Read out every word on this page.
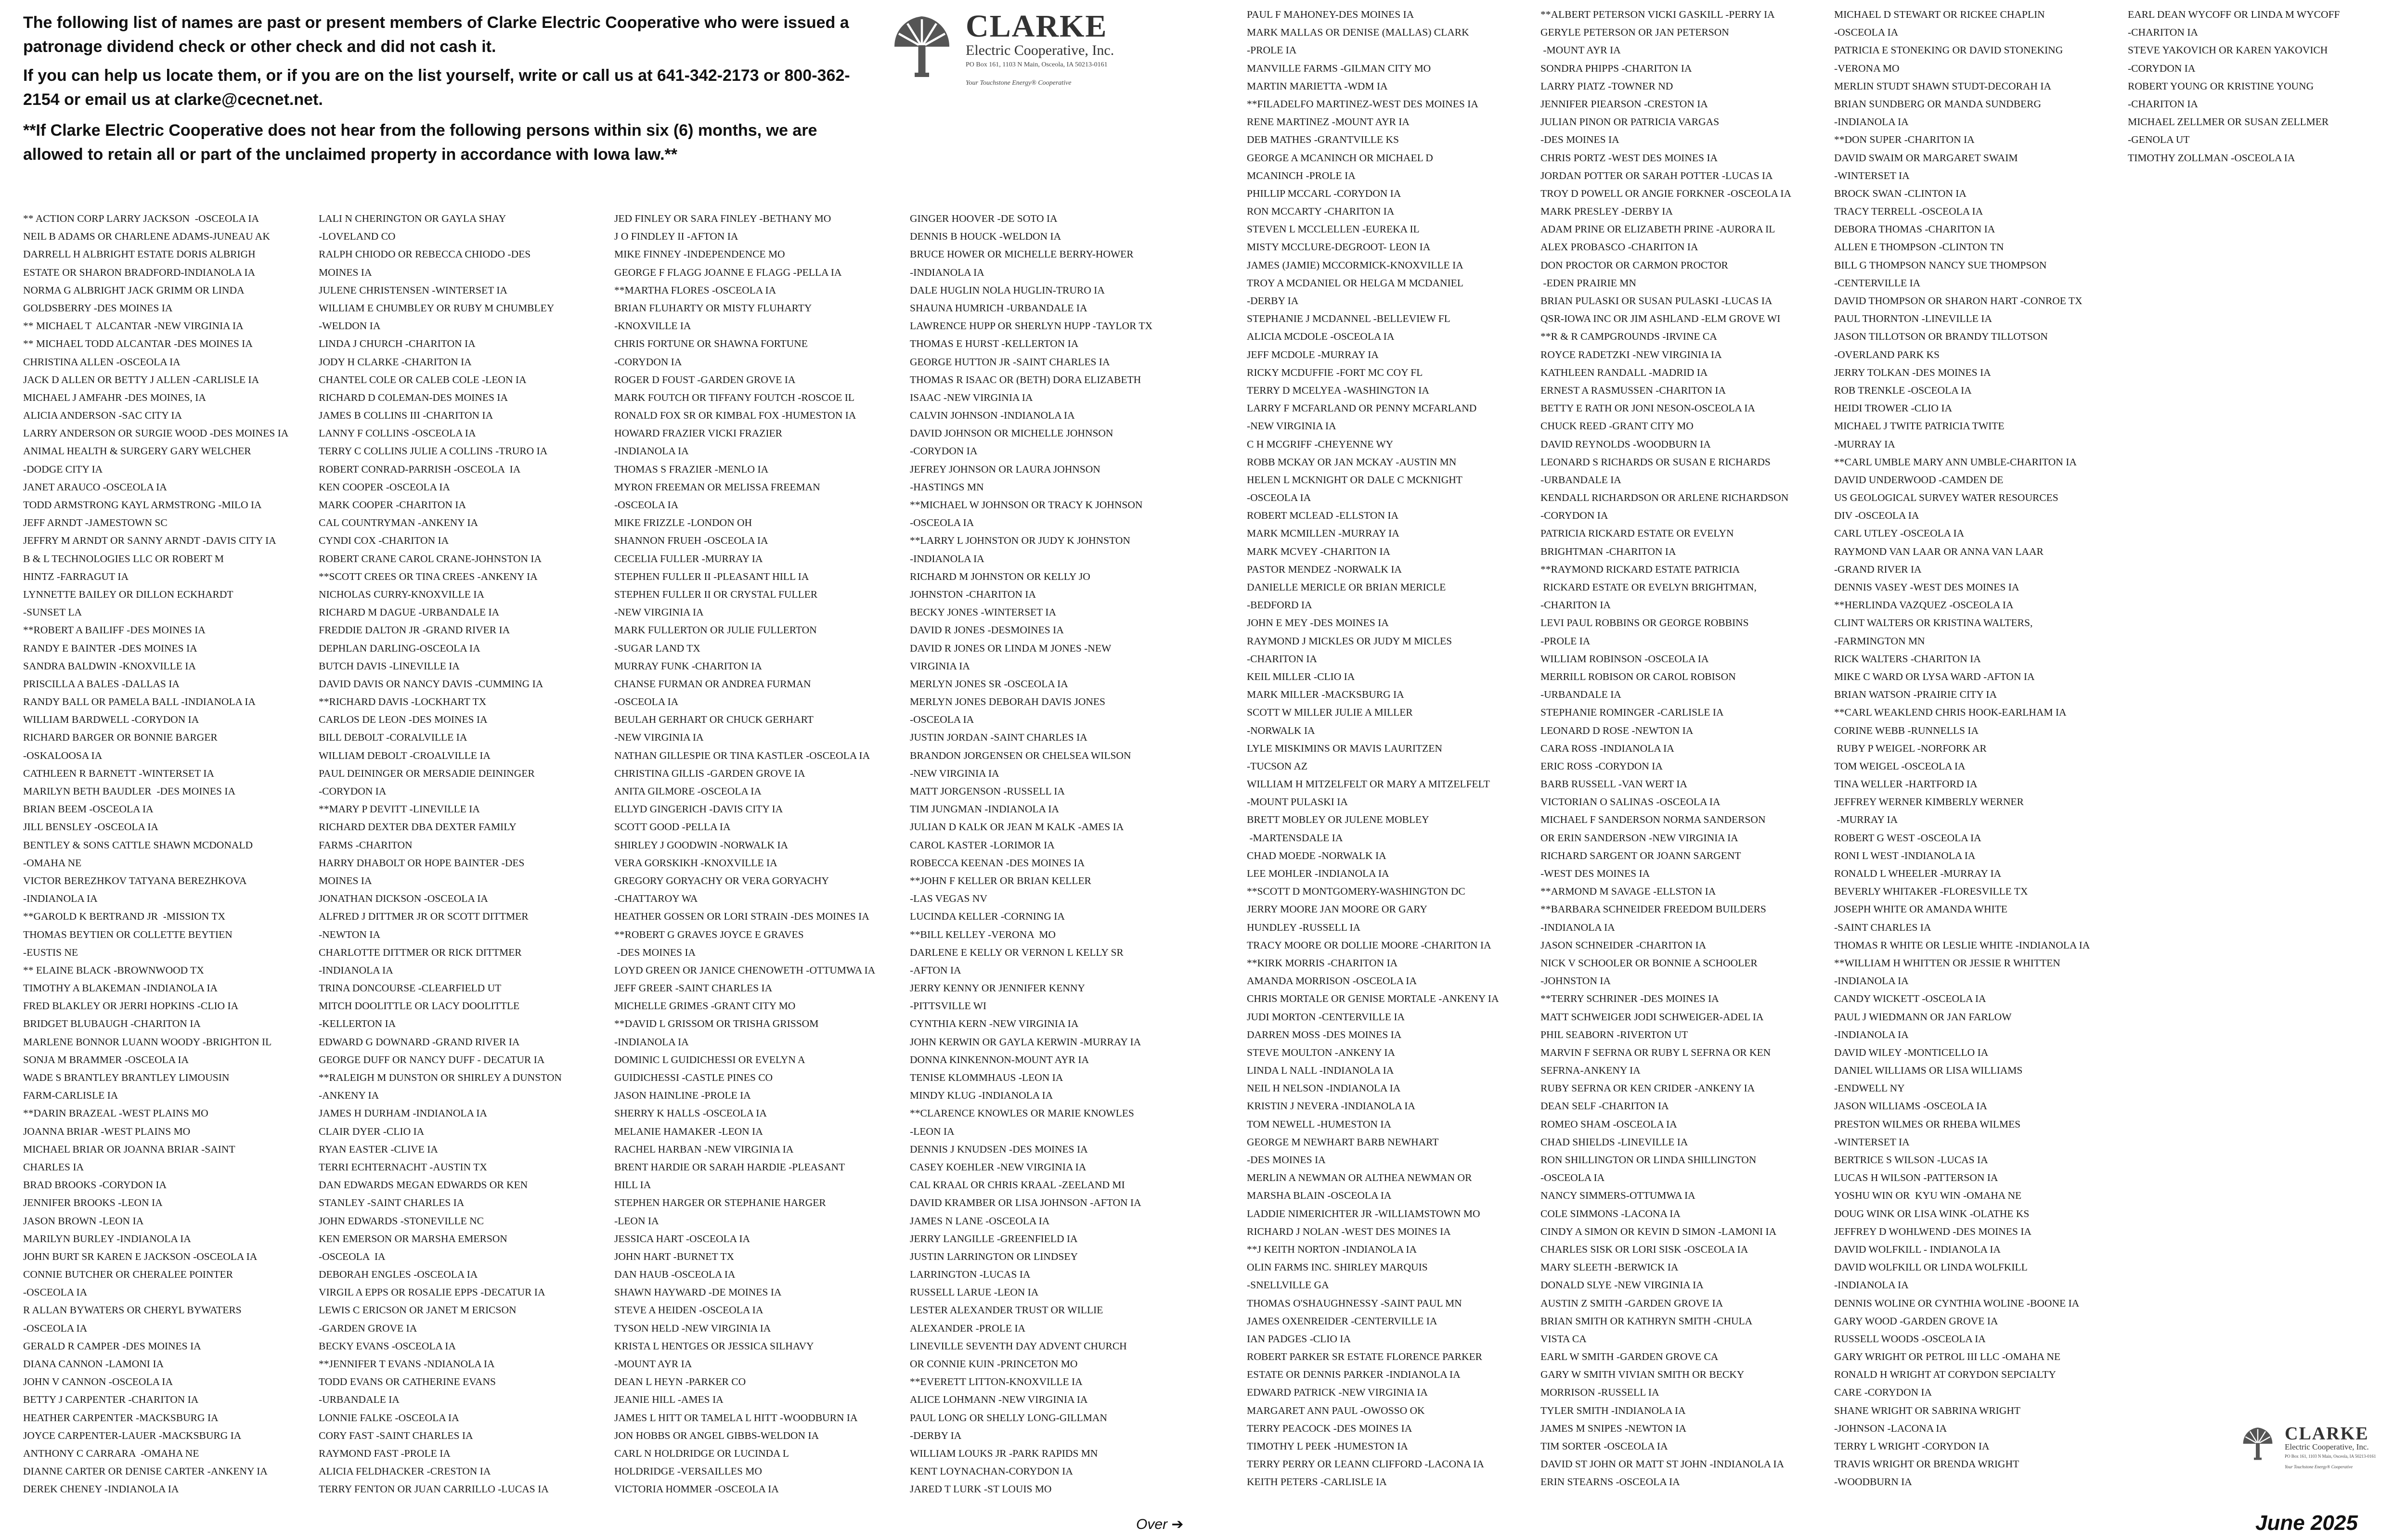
The following list of names are past or present members of Clarke Electric Cooperative who were issued a patronage dividend check or other check and did not cash it.

If you can help us locate them, or if you are on the list yourself, write or call us at 641-342-2173 or 800-362-2154 or email us at clarke@cecnet.net.

**If Clarke Electric Cooperative does not hear from the following persons within six (6) months, we are allowed to retain all or part of the unclaimed property in accordance with Iowa law.**

CLARKE
Electric Cooperative, Inc.
PO Box 161, 1103 N Main, Osceola, IA 50213-0161
Your Touchstone Energy® Cooperative
** ACTION CORP LARRY JACKSON  -OSCEOLA IA
NEIL B ADAMS OR CHARLENE ADAMS-JUNEAU AK
DARRELL H ALBRIGHT ESTATE DORIS ALBRIGH
ESTATE OR SHARON BRADFORD-INDIANOLA IA
NORMA G ALBRIGHT JACK GRIMM OR LINDA
GOLDSBERRY -DES MOINES IA
** MICHAEL T  ALCANTAR -NEW VIRGINIA IA
** MICHAEL TODD ALCANTAR -DES MOINES IA
CHRISTINA ALLEN -OSCEOLA IA
JACK D ALLEN OR BETTY J ALLEN -CARLISLE IA
MICHAEL J AMFAHR -DES MOINES, IA
ALICIA ANDERSON -SAC CITY IA
LARRY ANDERSON OR SURGIE WOOD -DES MOINES IA
ANIMAL HEALTH & SURGERY GARY WELCHER
-DODGE CITY IA
JANET ARAUCO -OSCEOLA IA
TODD ARMSTRONG KAYL ARMSTRONG -MILO IA
JEFF ARNDT -JAMESTOWN SC
JEFFRY M ARNDT OR SANNY ARNDT -DAVIS CITY IA
B & L TECHNOLOGIES LLC OR ROBERT M
HINTZ -FARRAGUT IA
LYNNETTE BAILEY OR DILLON ECKHARDT
-SUNSET LA
**ROBERT A BAILIFF -DES MOINES IA
RANDY E BAINTER -DES MOINES IA
SANDRA BALDWIN -KNOXVILLE IA
PRISCILLA A BALES -DALLAS IA
RANDY BALL OR PAMELA BALL -INDIANOLA IA
WILLIAM BARDWELL -CORYDON IA
RICHARD BARGER OR BONNIE BARGER
-OSKALOOSA IA
CATHLEEN R BARNETT -WINTERSET IA
MARILYN BETH BAUDLER  -DES MOINES IA
BRIAN BEEM -OSCEOLA IA
JILL BENSLEY -OSCEOLA IA
BENTLEY & SONS CATTLE SHAWN MCDONALD
-OMAHA NE
VICTOR BEREZHKOV TATYANA BEREZHKOVA
-INDIANOLA IA
**GAROLD K BERTRAND JR  -MISSION TX
THOMAS BEYTIEN OR COLLETTE BEYTIEN
-EUSTIS NE
** ELAINE BLACK -BROWNWOOD TX
TIMOTHY A BLAKEMAN -INDIANOLA IA
FRED BLAKLEY OR JERRI HOPKINS -CLIO IA
BRIDGET BLUBAUGH -CHARITON IA
MARLENE BONNOR LUANN WOODY -BRIGHTON IL
SONJA M BRAMMER -OSCEOLA IA
WADE S BRANTLEY BRANTLEY LIMOUSIN
FARM-CARLISLE IA
**DARIN BRAZEAL -WEST PLAINS MO
JOANNA BRIAR -WEST PLAINS MO
MICHAEL BRIAR OR JOANNA BRIAR -SAINT
CHARLES IA
BRAD BROOKS -CORYDON IA
JENNIFER BROOKS -LEON IA
JASON BROWN -LEON IA
MARILYN BURLEY -INDIANOLA IA
JOHN BURT SR KAREN E JACKSON -OSCEOLA IA
CONNIE BUTCHER OR CHERALEE POINTER
-OSCEOLA IA
R ALLAN BYWATERS OR CHERYL BYWATERS
-OSCEOLA IA
GERALD R CAMPER -DES MOINES IA
DIANA CANNON -LAMONI IA
JOHN V CANNON -OSCEOLA IA
BETTY J CARPENTER -CHARITON IA
HEATHER CARPENTER -MACKSBURG IA
JOYCE CARPENTER-LAUER -MACKSBURG IA
ANTHONY C CARRARA  -OMAHA NE
DIANNE CARTER OR DENISE CARTER -ANKENY IA
DEREK CHENEY -INDIANOLA IA
LALI N CHERINGTON OR GAYLA SHAY
-LOVELAND CO
RALPH CHIODO OR REBECCA CHIODO -DES
MOINES IA
JULENE CHRISTENSEN -WINTERSET IA
WILLIAM E CHUMBLEY OR RUBY M CHUMBLEY
-WELDON IA
LINDA J CHURCH -CHARITON IA
JODY H CLARKE -CHARITON IA
CHANTEL COLE OR CALEB COLE -LEON IA
RICHARD D COLEMAN-DES MOINES IA
JAMES B COLLINS III -CHARITON IA
LANNY F COLLINS -OSCEOLA IA
TERRY C COLLINS JULIE A COLLINS -TRURO IA
ROBERT CONRAD-PARRISH -OSCEOLA  IA
KEN COOPER -OSCEOLA IA
MARK COOPER -CHARITON IA
CAL COUNTRYMAN -ANKENY IA
CYNDI COX -CHARITON IA
ROBERT CRANE CAROL CRANE-JOHNSTON IA
**SCOTT CREES OR TINA CREES -ANKENY IA
NICHOLAS CURRY-KNOXVILLE IA
RICHARD M DAGUE -URBANDALE IA
FREDDIE DALTON JR -GRAND RIVER IA
DEPHLAN DARLING-OSCEOLA IA
BUTCH DAVIS -LINEVILLE IA
DAVID DAVIS OR NANCY DAVIS -CUMMING IA
**RICHARD DAVIS -LOCKHART TX
CARLOS DE LEON -DES MOINES IA
BILL DEBOLT -CORALVILLE IA
WILLIAM DEBOLT -CROALVILLE IA
PAUL DEININGER OR MERSADIE DEININGER
-CORYDON IA
**MARY P DEVITT -LINEVILLE IA
RICHARD DEXTER DBA DEXTER FAMILY
FARMS -CHARITON
HARRY DHABOLT OR HOPE BAINTER -DES
MOINES IA
JONATHAN DICKSON -OSCEOLA IA
ALFRED J DITTMER JR OR SCOTT DITTMER
-NEWTON IA
CHARLOTTE DITTMER OR RICK DITTMER
-INDIANOLA IA
TRINA DONCOURSE -CLEARFIELD UT
MITCH DOOLITTLE OR LACY DOOLITTLE
-KELLERTON IA
EDWARD G DOWNARD -GRAND RIVER IA
GEORGE DUFF OR NANCY DUFF - DECATUR IA
**RALEIGH M DUNSTON OR SHIRLEY A DUNSTON
-ANKENY IA
JAMES H DURHAM -INDIANOLA IA
CLAIR DYER -CLIO IA
RYAN EASTER -CLIVE IA
TERRI ECHTERNACHT -AUSTIN TX
DAN EDWARDS MEGAN EDWARDS OR KEN
STANLEY -SAINT CHARLES IA
JOHN EDWARDS -STONEVILLE NC
KEN EMERSON OR MARSHA EMERSON
-OSCEOLA  IA
DEBORAH ENGLES -OSCEOLA IA
VIRGIL A EPPS OR ROSALIE EPPS -DECATUR IA
LEWIS C ERICSON OR JANET M ERICSON
-GARDEN GROVE IA
BECKY EVANS -OSCEOLA IA
**JENNIFER T EVANS -NDIANOLA IA
TODD EVANS OR CATHERINE EVANS
-URBANDALE IA
LONNIE FALKE -OSCEOLA IA
CORY FAST -SAINT CHARLES IA
RAYMOND FAST -PROLE IA
ALICIA FELDHACKER -CRESTON IA
TERRY FENTON OR JUAN CARRILLO -LUCAS IA
JED FINLEY OR SARA FINLEY -BETHANY MO
J O FINDLEY II -AFTON IA
MIKE FINNEY -INDEPENDENCE MO
GEORGE F FLAGG JOANNE E FLAGG -PELLA IA
**MARTHA FLORES -OSCEOLA IA
BRIAN FLUHARTY OR MISTY FLUHARTY
-KNOXVILLE IA
CHRIS FORTUNE OR SHAWNA FORTUNE
-CORYDON IA
ROGER D FOUST -GARDEN GROVE IA
MARK FOUTCH OR TIFFANY FOUTCH -ROSCOE IL
RONALD FOX SR OR KIMBAL FOX -HUMESTON IA
HOWARD FRAZIER VICKI FRAZIER
-INDIANOLA IA
THOMAS S FRAZIER -MENLO IA
MYRON FREEMAN OR MELISSA FREEMAN
-OSCEOLA IA
MIKE FRIZZLE -LONDON OH
SHANNON FRUEH -OSCEOLA IA
CECELIA FULLER -MURRAY IA
STEPHEN FULLER II -PLEASANT HILL IA
STEPHEN FULLER II OR CRYSTAL FULLER
-NEW VIRGINIA IA
MARK FULLERTON OR JULIE FULLERTON
-SUGAR LAND TX
MURRAY FUNK -CHARITON IA
CHANSE FURMAN OR ANDREA FURMAN
-OSCEOLA IA
BEULAH GERHART OR CHUCK GERHART
-NEW VIRGINIA IA
NATHAN GILLESPIE OR TINA KASTLER -OSCEOLA IA
CHRISTINA GILLIS -GARDEN GROVE IA
ANITA GILMORE -OSCEOLA IA
ELLYD GINGERICH -DAVIS CITY IA
SCOTT GOOD -PELLA IA
SHIRLEY J GOODWIN -NORWALK IA
VERA GORSKIKH -KNOXVILLE IA
GREGORY GORYACHY OR VERA GORYACHY
-CHATTAROY WA
HEATHER GOSSEN OR LORI STRAIN -DES MOINES IA
**ROBERT G GRAVES JOYCE E GRAVES
-DES MOINES IA
LOYD GREEN OR JANICE CHENOWETH -OTTUMWA IA
JEFF GREER -SAINT CHARLES IA
MICHELLE GRIMES -GRANT CITY MO
**DAVID L GRISSOM OR TRISHA GRISSOM
-INDIANOLA IA
DOMINIC L GUIDICHESSI OR EVELYN A
GUIDICHESSI -CASTLE PINES CO
JASON HAINLINE -PROLE IA
SHERRY K HALLS -OSCEOLA IA
MELANIE HAMAKER -LEON IA
RACHEL HARBAN -NEW VIRGINIA IA
BRENT HARDIE OR SARAH HARDIE -PLEASANT
HILL IA
STEPHEN HARGER OR STEPHANIE HARGER
-LEON IA
JESSICA HART -OSCEOLA IA
JOHN HART -BURNET TX
DAN HAUB -OSCEOLA IA
SHAWN HAYWARD -DE MOINES IA
STEVE A HEIDEN -OSCEOLA IA
TYSON HELD -NEW VIRGINIA IA
KRISTA L HENTGES OR JESSICA SILHAVY
-MOUNT AYR IA
DEAN L HEYN -PARKER CO
JEANIE HILL -AMES IA
JAMES L HITT OR TAMELA L HITT -WOODBURN IA
JON HOBBS OR ANGEL GIBBS-WELDON IA
CARL N HOLDRIDGE OR LUCINDA L
HOLDRIDGE -VERSAILLES MO
VICTORIA HOMMER -OSCEOLA IA
GINGER HOOVER -DE SOTO IA
DENNIS B HOUCK -WELDON IA
BRUCE HOWER OR MICHELLE BERRY-HOWER
-INDIANOLA IA
DALE HUGLIN NOLA HUGLIN-TRURO IA
SHAUNA HUMRICH -URBANDALE IA
LAWRENCE HUPP OR SHERLYN HUPP -TAYLOR TX
THOMAS E HURST -KELLERTON IA
GEORGE HUTTON JR -SAINT CHARLES IA
THOMAS R ISAAC OR (BETH) DORA ELIZABETH
ISAAC -NEW VIRGINIA IA
CALVIN JOHNSON -INDIANOLA IA
DAVID JOHNSON OR MICHELLE JOHNSON
-CORYDON IA
JEFREY JOHNSON OR LAURA JOHNSON
-HASTINGS MN
**MICHAEL W JOHNSON OR TRACY K JOHNSON
-OSCEOLA IA
**LARRY L JOHNSTON OR JUDY K JOHNSTON
-INDIANOLA IA
RICHARD M JOHNSTON OR KELLY JO
JOHNSTON -CHARITON IA
BECKY JONES -WINTERSET IA
DAVID R JONES -DESMOINES IA
DAVID R JONES OR LINDA M JONES -NEW
VIRGINIA IA
MERLYN JONES SR -OSCEOLA IA
MERLYN JONES DEBORAH DAVIS JONES
-OSCEOLA IA
JUSTIN JORDAN -SAINT CHARLES IA
BRANDON JORGENSEN OR CHELSEA WILSON
-NEW VIRGINIA IA
MATT JORGENSON -RUSSELL IA
TIM JUNGMAN -INDIANOLA IA
JULIAN D KALK OR JEAN M KALK -AMES IA
CAROL KASTER -LORIMOR IA
ROBECCA KEENAN -DES MOINES IA
**JOHN F KELLER OR BRIAN KELLER
-LAS VEGAS NV
LUCINDA KELLER -CORNING IA
**BILL KELLEY -VERONA  MO
DARLENE E KELLY OR VERNON L KELLY SR
-AFTON IA
JERRY KENNY OR JENNIFER KENNY
-PITTSVILLE WI
CYNTHIA KERN -NEW VIRGINIA IA
JOHN KERWIN OR GAYLA KERWIN -MURRAY IA
DONNA KINKENNON-MOUNT AYR IA
TENISE KLOMMHAUS -LEON IA
MINDY KLUG -INDIANOLA IA
**CLARENCE KNOWLES OR MARIE KNOWLES
-LEON IA
DENNIS J KNUDSEN -DES MOINES IA
CASEY KOEHLER -NEW VIRGINIA IA
CAL KRAAL OR CHRIS KRAAL -ZEELAND MI
DAVID KRAMBER OR LISA JOHNSON -AFTON IA
JAMES N LANE -OSCEOLA IA
JERRY LANGILLE -GREENFIELD IA
JUSTIN LARRINGTON OR LINDSEY
LARRINGTON -LUCAS IA
RUSSELL LARUE -LEON IA
LESTER ALEXANDER TRUST OR WILLIE
ALEXANDER -PROLE IA
LINEVILLE SEVENTH DAY ADVENT CHURCH
OR CONNIE KUIN -PRINCETON MO
**EVERETT LITTON-KNOXVILLE IA
ALICE LOHMANN -NEW VIRGINIA IA
PAUL LONG OR SHELLY LONG-GILLMAN
-DERBY IA
WILLIAM LOUKS JR -PARK RAPIDS MN
KENT LOYNACHAN-CORYDON IA
JARED T LURK -ST LOUIS MO
PAUL F MAHONEY-DES MOINES IA
MARK MALLAS OR DENISE (MALLAS) CLARK
-PROLE IA
MANVILLE FARMS -GILMAN CITY MO
MARTIN MARIETTA -WDM IA
**FILADELFO MARTINEZ-WEST DES MOINES IA
RENE MARTINEZ -MOUNT AYR IA
DEB MATHES -GRANTVILLE KS
GEORGE A MCANINCH OR MICHAEL D
MCANINCH -PROLE IA
PHILLIP MCCARL -CORYDON IA
RON MCCARTY -CHARITON IA
STEVEN L MCCLELLEN -EUREKA IL
MISTY MCCLURE-DEGROOT- LEON IA
JAMES (JAMIE) MCCORMICK-KNOXVILLE IA
TROY A MCDANIEL OR HELGA M MCDANIEL
-DERBY IA
STEPHANIE J MCDANNEL -BELLEVIEW FL
ALICIA MCDOLE -OSCEOLA IA
JEFF MCDOLE -MURRAY IA
RICKY MCDUFFIE -FORT MC COY FL
TERRY D MCELYEA -WASHINGTON IA
LARRY F MCFARLAND OR PENNY MCFARLAND
-NEW VIRGINIA IA
C H MCGRIFF -CHEYENNE WY
ROBB MCKAY OR JAN MCKAY -AUSTIN MN
HELEN L MCKNIGHT OR DALE C MCKNIGHT
-OSCEOLA IA
ROBERT MCLEAD -ELLSTON IA
MARK MCMILLEN -MURRAY IA
MARK MCVEY -CHARITON IA
PASTOR MENDEZ -NORWALK IA
DANIELLE MERICLE OR BRIAN MERICLE
-BEDFORD IA
JOHN E MEY -DES MOINES IA
RAYMOND J MICKLES OR JUDY M MICLES
-CHARITON IA
KEIL MILLER -CLIO IA
MARK MILLER -MACKSBURG IA
SCOTT W MILLER JULIE A MILLER
-NORWALK IA
LYLE MISKIMINS OR MAVIS LAURITZEN
-TUCSON AZ
WILLIAM H MITZELFELT OR MARY A MITZELFELT
-MOUNT PULASKI IA
BRETT MOBLEY OR JULENE MOBLEY
-MARTENSDALE IA
CHAD MOEDE -NORWALK IA
LEE MOHLER -INDIANOLA IA
**SCOTT D MONTGOMERY-WASHINGTON DC
JERRY MOORE JAN MOORE OR GARY
HUNDLEY -RUSSELL IA
TRACY MOORE OR DOLLIE MOORE -CHARITON IA
**KIRK MORRIS -CHARITON IA
AMANDA MORRISON -OSCEOLA IA
CHRIS MORTALE OR GENISE MORTALE -ANKENY IA
JUDI MORTON -CENTERVILLE IA
DARREN MOSS -DES MOINES IA
STEVE MOULTON -ANKENY IA
LINDA L NALL -INDIANOLA IA
NEIL H NELSON -INDIANOLA IA
KRISTIN J NEVERA -INDIANOLA IA
TOM NEWELL -HUMESTON IA
GEORGE M NEWHART BARB NEWHART
-DES MOINES IA
MERLIN A NEWMAN OR ALTHEA NEWMAN OR
MARSHA BLAIN -OSCEOLA IA
LADDIE NIMERICHTER JR -WILLIAMSTOWN MO
RICHARD J NOLAN -WEST DES MOINES IA
**J KEITH NORTON -INDIANOLA IA
OLIN FARMS INC. SHIRLEY MARQUIS
-SNELLVILLE GA
THOMAS O'SHAUGHNESSY -SAINT PAUL MN
JAMES OXENREIDER -CENTERVILLE IA
IAN PADGES -CLIO IA
ROBERT PARKER SR ESTATE FLORENCE PARKER
ESTATE OR DENNIS PARKER -INDIANOLA IA
EDWARD PATRICK -NEW VIRGINIA IA
MARGARET ANN PAUL -OWOSSO OK
TERRY PEACOCK -DES MOINES IA
TIMOTHY L PEEK -HUMESTON IA
TERRY PERRY OR LEANN CLIFFORD -LACONA IA
KEITH PETERS -CARLISLE IA
**ALBERT PETERSON VICKI GASKILL -PERRY IA
GERYLE PETERSON OR JAN PETERSON
-MOUNT AYR IA
SONDRA PHIPPS -CHARITON IA
LARRY PIATZ -TOWNER ND
JENNIFER PIEARSON -CRESTON IA
JULIAN PINON OR PATRICIA VARGAS
-DES MOINES IA
CHRIS PORTZ -WEST DES MOINES IA
JORDAN POTTER OR SARAH POTTER -LUCAS IA
TROY D POWELL OR ANGIE FORKNER -OSCEOLA IA
MARK PRESLEY -DERBY IA
ADAM PRINE OR ELIZABETH PRINE -AURORA IL
ALEX PROBASCO -CHARITON IA
DON PROCTOR OR CARMON PROCTOR
-EDEN PRAIRIE MN
BRIAN PULASKI OR SUSAN PULASKI -LUCAS IA
QSR-IOWA INC OR JIM ASHLAND -ELM GROVE WI
**R & R CAMPGROUNDS -IRVINE CA
ROYCE RADETZKI -NEW VIRGINIA IA
KATHLEEN RANDALL -MADRID IA
ERNEST A RASMUSSEN -CHARITON IA
BETTY E RATH OR JONI NESON-OSCEOLA IA
CHUCK REED -GRANT CITY MO
DAVID REYNOLDS -WOODBURN IA
LEONARD S RICHARDS OR SUSAN E RICHARDS
-URBANDALE IA
KENDALL RICHARDSON OR ARLENE RICHARDSON
-CORYDON IA
PATRICIA RICKARD ESTATE OR EVELYN
BRIGHTMAN -CHARITON IA
**RAYMOND RICKARD ESTATE PATRICIA
RICKARD ESTATE OR EVELYN BRIGHTMAN,
-CHARITON IA
LEVI PAUL ROBBINS OR GEORGE ROBBINS
-PROLE IA
WILLIAM ROBINSON -OSCEOLA IA
MERRILL ROBISON OR CAROL ROBISON
-URBANDALE IA
STEPHANIE ROMINGER -CARLISLE IA
LEONARD D ROSE -NEWTON IA
CARA ROSS -INDIANOLA IA
ERIC ROSS -CORYDON IA
BARB RUSSELL -VAN WERT IA
VICTORIAN O SALINAS -OSCEOLA IA
MICHAEL F SANDERSON NORMA SANDERSON
OR ERIN SANDERSON -NEW VIRGINIA IA
RICHARD SARGENT OR JOANN SARGENT
-WEST DES MOINES IA
**ARMOND M SAVAGE -ELLSTON IA
**BARBARA SCHNEIDER FREEDOM BUILDERS
-INDIANOLA IA
JASON SCHNEIDER -CHARITON IA
NICK V SCHOOLER OR BONNIE A SCHOOLER
-JOHNSTON IA
**TERRY SCHRINER -DES MOINES IA
MATT SCHWEIGER JODI SCHWEIGER-ADEL IA
PHIL SEABORN -RIVERTON UT
MARVIN F SEFRNA OR RUBY L SEFRNA OR KEN
SEFRNA-ANKENY IA
RUBY SEFRNA OR KEN CRIDER -ANKENY IA
DEAN SELF -CHARITON IA
ROMEO SHAM -OSCEOLA IA
CHAD SHIELDS -LINEVILLE IA
RON SHILLINGTON OR LINDA SHILLINGTON
-OSCEOLA IA
NANCY SIMMERS-OTTUMWA IA
COLE SIMMONS -LACONA IA
CINDY A SIMON OR KEVIN D SIMON -LAMONI IA
CHARLES SISK OR LORI SISK -OSCEOLA IA
MARY SLEETH -BERWICK IA
DONALD SLYE -NEW VIRGINIA IA
AUSTIN Z SMITH -GARDEN GROVE IA
BRIAN SMITH OR KATHRYN SMITH -CHULA
VISTA CA
EARL W SMITH -GARDEN GROVE CA
GARY W SMITH VIVIAN SMITH OR BECKY
MORRISON -RUSSELL IA
TYLER SMITH -INDIANOLA IA
JAMES M SNIPES -NEWTON IA
TIM SORTER -OSCEOLA IA
DAVID ST JOHN OR MATT ST JOHN -INDIANOLA IA
ERIN STEARNS -OSCEOLA IA
MICHAEL D STEWART OR RICKEE CHAPLIN
-OSCEOLA IA
PATRICIA E STONEKING OR DAVID STONEKING
-VERONA MO
MERLIN STUDT SHAWN STUDT-DECORAH IA
BRIAN SUNDBERG OR MANDA SUNDBERG
-INDIANOLA IA
**DON SUPER -CHARITON IA
DAVID SWAIM OR MARGARET SWAIM
-WINTERSET IA
BROCK SWAN -CLINTON IA
TRACY TERRELL -OSCEOLA IA
DEBORA THOMAS -CHARITON IA
ALLEN E THOMPSON -CLINTON TN
BILL G THOMPSON NANCY SUE THOMPSON
-CENTERVILLE IA
DAVID THOMPSON OR SHARON HART -CONROE TX
PAUL THORNTON -LINEVILLE IA
JASON TILLOTSON OR BRANDY TILLOTSON
-OVERLAND PARK KS
JERRY TOLKAN -DES MOINES IA
ROB TRENKLE -OSCEOLA IA
HEIDI TROWER -CLIO IA
MICHAEL J TWITE PATRICIA TWITE
-MURRAY IA
**CARL UMBLE MARY ANN UMBLE-CHARITON IA
DAVID UNDERWOOD -CAMDEN DE
US GEOLOGICAL SURVEY WATER RESOURCES
DIV -OSCEOLA IA
CARL UTLEY -OSCEOLA IA
RAYMOND VAN LAAR OR ANNA VAN LAAR
-GRAND RIVER IA
DENNIS VASEY -WEST DES MOINES IA
**HERLINDA VAZQUEZ -OSCEOLA IA
CLINT WALTERS OR KRISTINA WALTERS,
-FARMINGTON MN
RICK WALTERS -CHARITON IA
MIKE C WARD OR LYSA WARD -AFTON IA
BRIAN WATSON -PRAIRIE CITY IA
**CARL WEAKLEND CHRIS HOOK-EARLHAM IA
CORINE WEBB -RUNNELLS IA
RUBY P WEIGEL -NORFORK AR
TOM WEIGEL -OSCEOLA IA
TINA WELLER -HARTFORD IA
JEFFREY WERNER KIMBERLY WERNER
-MURRAY IA
ROBERT G WEST -OSCEOLA IA
RONI L WEST -INDIANOLA IA
RONALD L WHEELER -MURRAY IA
BEVERLY WHITAKER -FLORESVILLE TX
JOSEPH WHITE OR AMANDA WHITE
-SAINT CHARLES IA
THOMAS R WHITE OR LESLIE WHITE -INDIANOLA IA
**WILLIAM H WHITTEN OR JESSIE R WHITTEN
-INDIANOLA IA
CANDY WICKETT -OSCEOLA IA
PAUL J WIEDMANN OR JAN FARLOW
-INDIANOLA IA
DAVID WILEY -MONTICELLO IA
DANIEL WILLIAMS OR LISA WILLIAMS
-ENDWELL NY
JASON WILLIAMS -OSCEOLA IA
PRESTON WILMES OR RHEBA WILMES
-WINTERSET IA
BERTRICE S WILSON -LUCAS IA
LUCAS H WILSON -PATTERSON IA
YOSHU WIN OR  KYU WIN -OMAHA NE
DOUG WINK OR LISA WINK -OLATHE KS
JEFFREY D WOHLWEND -DES MOINES IA
DAVID WOLFKILL - INDIANOLA IA
DAVID WOLFKILL OR LINDA WOLFKILL
-INDIANOLA IA
DENNIS WOLINE OR CYNTHIA WOLINE -BOONE IA
GARY WOOD -GARDEN GROVE IA
RUSSELL WOODS -OSCEOLA IA
GARY WRIGHT OR PETROL III LLC -OMAHA NE
RONALD H WRIGHT AT CORYDON SEPCIALTY
CARE -CORYDON IA
SHANE WRIGHT OR SABRINA WRIGHT
-JOHNSON -LACONA IA
TERRY L WRIGHT -CORYDON IA
TRAVIS WRIGHT OR BRENDA WRIGHT
-WOODBURN IA
EARL DEAN WYCOFF OR LINDA M WYCOFF
-CHARITON IA
STEVE YAKOVICH OR KAREN YAKOVICH
-CORYDON IA
ROBERT YOUNG OR KRISTINE YOUNG
-CHARITON IA
MICHAEL ZELLMER OR SUSAN ZELLMER
-GENOLA UT
TIMOTHY ZOLLMAN -OSCEOLA IA
Over ➔
CLARKE
Electric Cooperative, Inc.
PO Box 161, 1103 N Main, Osceola, IA 50213-0161
Your Touchstone Energy® Cooperative
June 2025
